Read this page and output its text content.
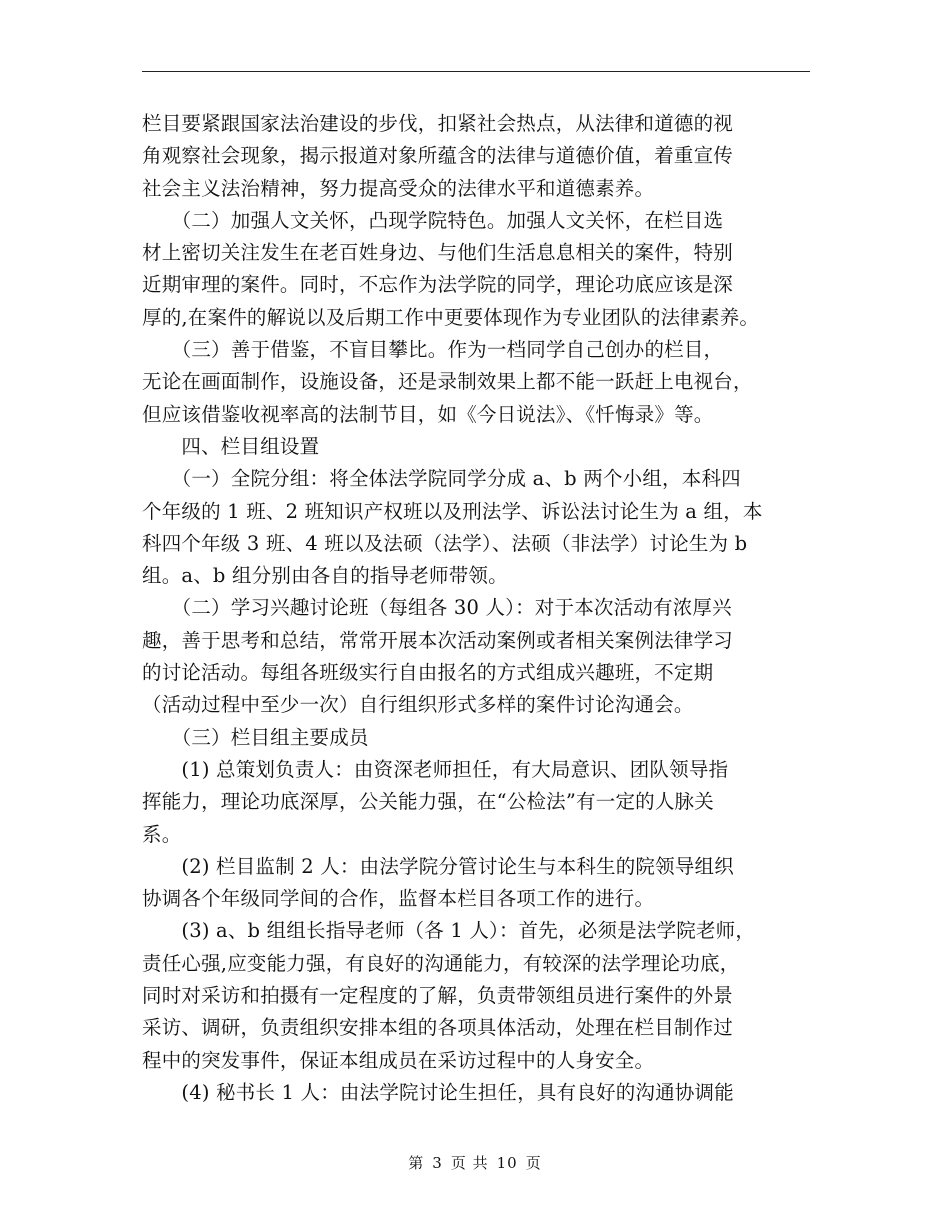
栏目要紧跟国家法治建设的步伐，扣紧社会热点，从法律和道德的视
角观察社会现象，揭示报道对象所蕴含的法律与道德价值，着重宣传
社会主义法治精神，努力提高受众的法律水平和道德素养。
　　（二）加强人文关怀，凸现学院特色。加强人文关怀，在栏目选
材上密切关注发生在老百姓身边、与他们生活息息相关的案件，特别
近期审理的案件。同时，不忘作为法学院的同学，理论功底应该是深
厚的,在案件的解说以及后期工作中更要体现作为专业团队的法律素养。
　　（三）善于借鉴，不盲目攀比。作为一档同学自己创办的栏目，
无论在画面制作，设施设备，还是录制效果上都不能一跃赶上电视台，
但应该借鉴收视率高的法制节目，如《今日说法》、《忏悔录》等。
　　四、栏目组设置
　　（一）全院分组：将全体法学院同学分成 a、b 两个小组，本科四
个年级的 1 班、2 班知识产权班以及刑法学、诉讼法讨论生为 a 组，本
科四个年级 3 班、4 班以及法硕（法学）、法硕（非法学）讨论生为 b
组。a、b 组分别由各自的指导老师带领。
　　（二）学习兴趣讨论班（每组各 30 人）：对于本次活动有浓厚兴
趣，善于思考和总结，常常开展本次活动案例或者相关案例法律学习
的讨论活动。每组各班级实行自由报名的方式组成兴趣班，不定期
（活动过程中至少一次）自行组织形式多样的案件讨论沟通会。
　　（三）栏目组主要成员
　　(1) 总策划负责人：由资深老师担任，有大局意识、团队领导指
挥能力，理论功底深厚，公关能力强，在“公检法”有一定的人脉关
系。
　　(2) 栏目监制 2 人：由法学院分管讨论生与本科生的院领导组织
协调各个年级同学间的合作，监督本栏目各项工作的进行。
　　(3) a、b 组组长指导老师（各 1 人）：首先，必须是法学院老师，
责任心强,应变能力强，有良好的沟通能力，有较深的法学理论功底，
同时对采访和拍摄有一定程度的了解，负责带领组员进行案件的外景
采访、调研，负责组织安排本组的各项具体活动，处理在栏目制作过
程中的突发事件，保证本组成员在采访过程中的人身安全。
　　(4) 秘书长 1 人：由法学院讨论生担任，具有良好的沟通协调能
第 3 页 共 10 页
